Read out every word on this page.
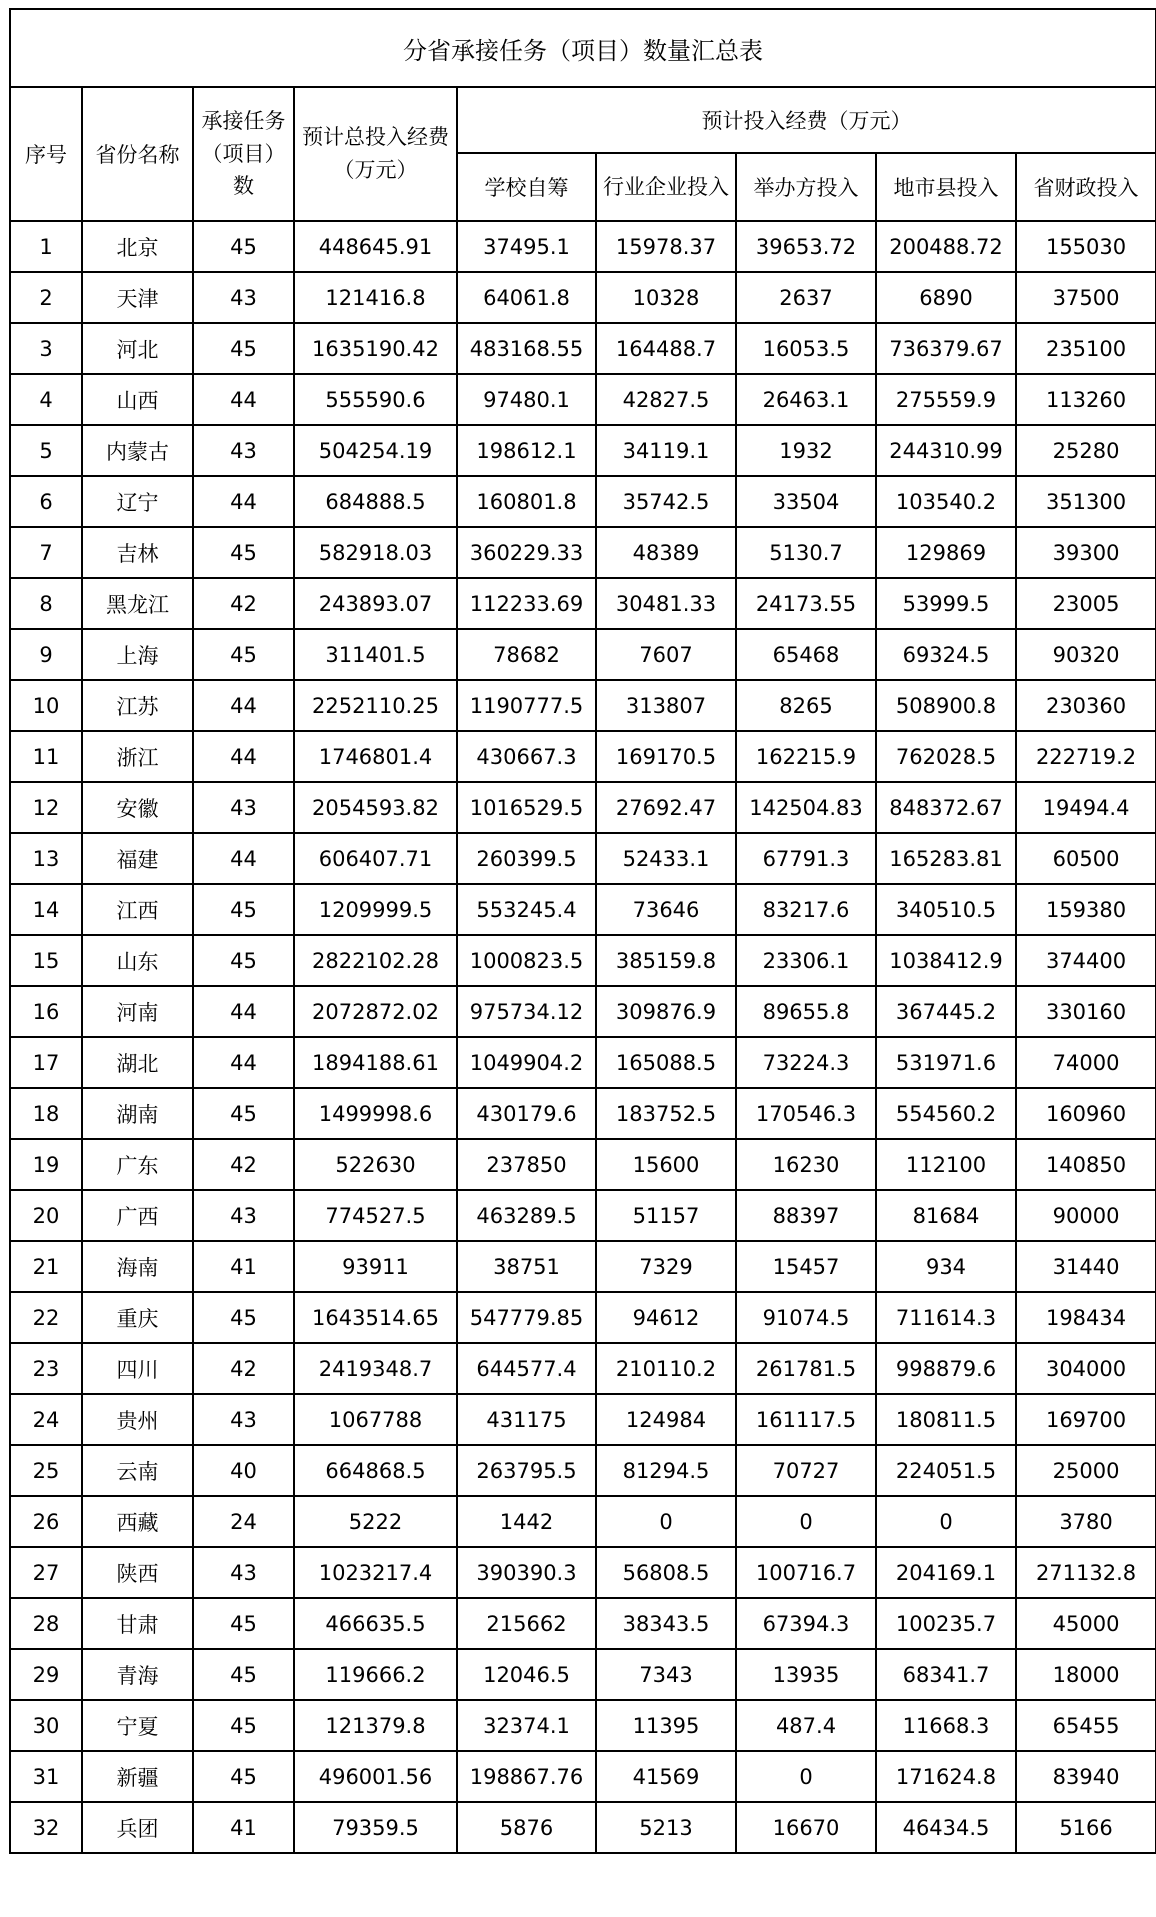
分省承接任务（项目）数量汇总表								
序号	省份名称	承接任务（项目）数	预计总投入经费（万元）	预计投入经费（万元）				
				学校自筹	行业企业投入	举办方投入	地市县投入	省财政投入
1	北京	45	448645.91	37495.1	15978.37	39653.72	200488.72	155030
2	天津	43	121416.8	64061.8	10328	2637	6890	37500
3	河北	45	1635190.42	483168.55	164488.7	16053.5	736379.67	235100
4	山西	44	555590.6	97480.1	42827.5	26463.1	275559.9	113260
5	内蒙古	43	504254.19	198612.1	34119.1	1932	244310.99	25280
6	辽宁	44	684888.5	160801.8	35742.5	33504	103540.2	351300
7	吉林	45	582918.03	360229.33	48389	5130.7	129869	39300
8	黑龙江	42	243893.07	112233.69	30481.33	24173.55	53999.5	23005
9	上海	45	311401.5	78682	7607	65468	69324.5	90320
10	江苏	44	2252110.25	1190777.5	313807	8265	508900.8	230360
11	浙江	44	1746801.4	430667.3	169170.5	162215.9	762028.5	222719.2
12	安徽	43	2054593.82	1016529.5	27692.47	142504.83	848372.67	19494.4
13	福建	44	606407.71	260399.5	52433.1	67791.3	165283.81	60500
14	江西	45	1209999.5	553245.4	73646	83217.6	340510.5	159380
15	山东	45	2822102.28	1000823.5	385159.8	23306.1	1038412.9	374400
16	河南	44	2072872.02	975734.12	309876.9	89655.8	367445.2	330160
17	湖北	44	1894188.61	1049904.2	165088.5	73224.3	531971.6	74000
18	湖南	45	1499998.6	430179.6	183752.5	170546.3	554560.2	160960
19	广东	42	522630	237850	15600	16230	112100	140850
20	广西	43	774527.5	463289.5	51157	88397	81684	90000
21	海南	41	93911	38751	7329	15457	934	31440
22	重庆	45	1643514.65	547779.85	94612	91074.5	711614.3	198434
23	四川	42	2419348.7	644577.4	210110.2	261781.5	998879.6	304000
24	贵州	43	1067788	431175	124984	161117.5	180811.5	169700
25	云南	40	664868.5	263795.5	81294.5	70727	224051.5	25000
26	西藏	24	5222	1442	0	0	0	3780
27	陕西	43	1023217.4	390390.3	56808.5	100716.7	204169.1	271132.8
28	甘肃	45	466635.5	215662	38343.5	67394.3	100235.7	45000
29	青海	45	119666.2	12046.5	7343	13935	68341.7	18000
30	宁夏	45	121379.8	32374.1	11395	487.4	11668.3	65455
31	新疆	45	496001.56	198867.76	41569	0	171624.8	83940
32	兵团	41	79359.5	5876	5213	16670	46434.5	5166
